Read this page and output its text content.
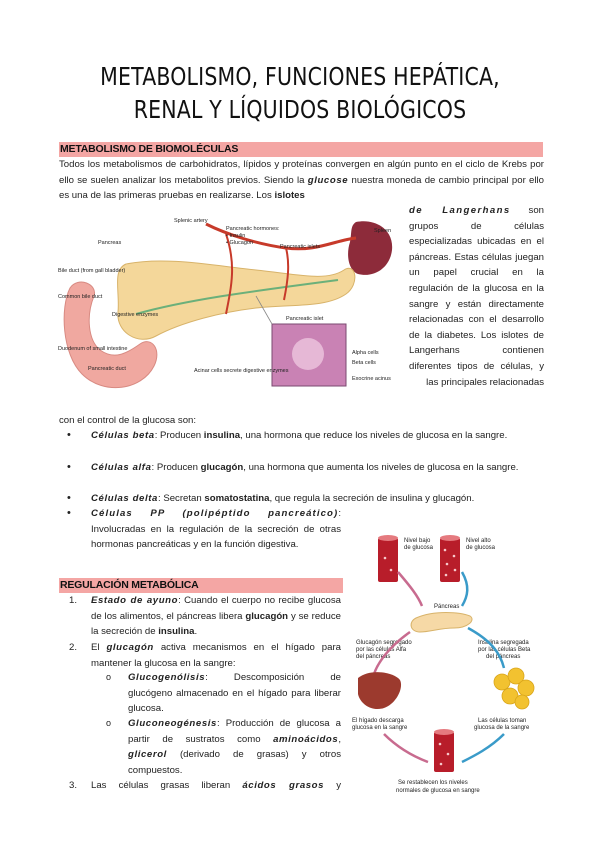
METABOLISMO, FUNCIONES HEPÁTICA,
RENAL Y LÍQUIDOS BIOLÓGICOS
METABOLISMO DE BIOMOLÉCULAS
Todos los metabolismos de carbohidratos, lípidos y proteínas convergen en algún punto en el ciclo de Krebs por ello se suelen analizar los metabolitos previos. Siendo la glucose nuestra moneda de cambio principal por ello es una de las primeras pruebas en realizarse. Los islotes
de Langerhans son grupos de células especializadas ubicadas en el páncreas. Estas células juegan un papel crucial en la regulación de la glucosa en la sangre y están directamente relacionadas con el desarrollo de la diabetes. Los islotes de Langerhans contienen diferentes tipos de células, y las principales relacionadas
con el control de la glucosa son:
Splenic artery
Pancreatic hormones:
• Insulin
• Glucagon
Spleen
Pancreas
Pancreatic islets
Bile duct (from gall bladder)
Common bile duct
Digestive enzymes
Duodenum of small intestine
Pancreatic duct	Acinar cells secrete digestive enzymes
Pancreatic islet
Alpha cells
Beta cells
Exocrine acinus
• Células beta: Producen insulina, una hormona que reduce los niveles de glucosa en la sangre.
• Células alfa: Producen glucagón, una hormona que aumenta los niveles de glucosa en la sangre.
• Células delta: Secretan somatostatina, que regula la secreción de insulina y glucagón.
• Células PP (polipéptido pancreático): Involucradas en la regulación de la secreción de otras hormonas pancreáticas y en la función digestiva.
REGULACIÓN METABÓLICA
1. Estado de ayuno: Cuando el cuerpo no recibe glucosa de los alimentos, el páncreas libera glucagón y se reduce la secreción de insulina.
2. El glucagón activa mecanismos en el hígado para mantener la glucosa en la sangre:
o Glucogenólisis: Descomposición de glucógeno almacenado en el hígado para liberar glucosa.
o Gluconeogénesis: Producción de glucosa a partir de sustratos como aminoácidos, glicerol (derivado de grasas) y otros compuestos.
3. Las células grasas liberan ácidos grasos y
Nivel bajo
de glucosa
Nivel alto
de glucosa
Páncreas
Glucagón segregado
por las células Alfa
del páncreas
Insulina segregada
por las células Beta
del páncreas
El hígado descarga
glucosa en la sangre
Las células toman
glucosa de la sangre
Se restablecen los niveles
normales de glucosa en sangre
